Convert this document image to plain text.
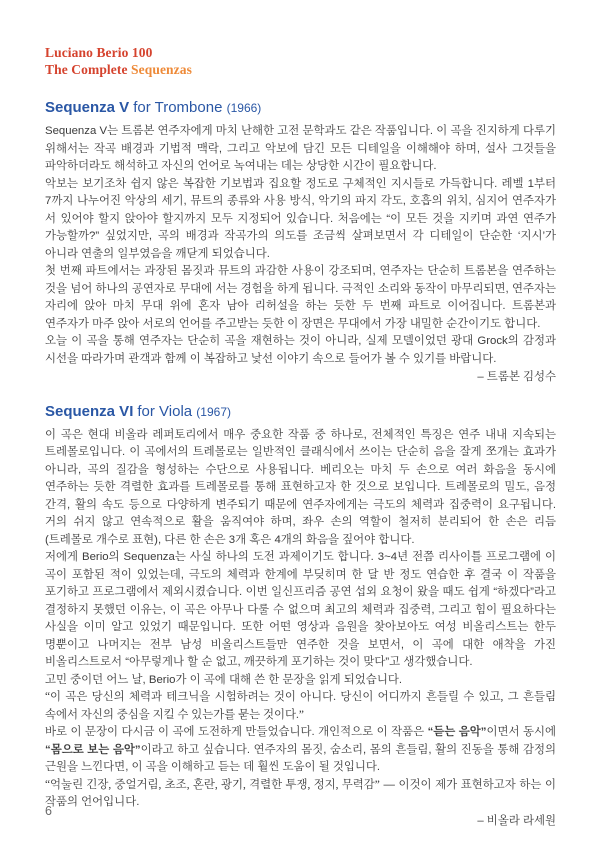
Luciano Berio 100
The Complete Sequenzas
Sequenza V for Trombone (1966)

Sequenza V는 트롬본 연주자에게 마치 난해한 고전 문학과도 같은 작품입니다. 이 곡을 진지하게 다루기 위해서는 작곡 배경과 기법적 맥락, 그리고 악보에 담긴 모든 디테일을 이해해야 하며, 설사 그것들을 파악하더라도 해석하고 자신의 언어로 녹여내는 데는 상당한 시간이 필요합니다.

악보는 보기조차 쉽지 않은 복잡한 기보법과 집요할 정도로 구체적인 지시들로 가득합니다. 레벨 1부터 7까지 나누어진 악상의 세기, 뮤트의 종류와 사용 방식, 악기의 파지 각도, 호흡의 위치, 심지어 연주자가 서 있어야 할지 앉아야 할지까지 모두 지정되어 있습니다. 처음에는 “이 모든 것을 지키며 과연 연주가 가능할까?” 싶었지만, 곡의 배경과 작곡가의 의도를 조금씩 살펴보면서 각 디테일이 단순한 ‘지시’가 아니라 연출의 일부였음을 깨닫게 되었습니다.

첫 번째 파트에서는 과장된 몸짓과 뮤트의 과감한 사용이 강조되며, 연주자는 단순히 트롬본을 연주하는 것을 넘어 하나의 공연자로 무대에 서는 경험을 하게 됩니다. 극적인 소리와 동작이 마무리되면, 연주자는 자리에 앉아 마치 무대 위에 혼자 남아 리허설을 하는 듯한 두 번째 파트로 이어집니다. 트롬본과 연주자가 마주 앉아 서로의 언어를 주고받는 듯한 이 장면은 무대에서 가장 내밀한 순간이기도 합니다.

오늘 이 곡을 통해 연주자는 단순히 곡을 재현하는 것이 아니라, 실제 모델이었던 광대 Grock의 감정과 시선을 따라가며 관객과 함께 이 복잡하고 낯선 이야기 속으로 들어가 볼 수 있기를 바랍니다.

– 트롬본 김성수
Sequenza VI for Viola (1967)

이 곡은 현대 비올라 레퍼토리에서 매우 중요한 작품 중 하나로, 전체적인 특징은 연주 내내 지속되는 트레몰로입니다. 이 곡에서의 트레몰로는 일반적인 클래식에서 쓰이는 단순히 음을 잘게 쪼개는 효과가 아니라, 곡의 질감을 형성하는 수단으로 사용됩니다. 베리오는 마치 두 손으로 여러 화음을 동시에 연주하는 듯한 격렬한 효과를 트레몰로를 통해 표현하고자 한 것으로 보입니다. 트레몰로의 밀도, 음정 간격, 활의 속도 등으로 다양하게 변주되기 때문에 연주자에게는 극도의 체력과 집중력이 요구됩니다. 거의 쉬지 않고 연속적으로 활을 움직여야 하며, 좌우 손의 역할이 철저히 분리되어 한 손은 리듬(트레몰로 개수로 표현), 다른 한 손은 3개 혹은 4개의 화음을 짚어야 합니다.

저에게 Berio의 Sequenza는 사실 하나의 도전 과제이기도 합니다. 3~4년 전쯤 리사이틀 프로그램에 이 곡이 포함된 적이 있었는데, 극도의 체력과 한계에 부딪히며 한 달 반 정도 연습한 후 결국 이 작품을 포기하고 프로그램에서 제외시켰습니다. 이번 일신프리즘 공연 섭외 요청이 왔을 때도 쉽게 “하겠다”라고 결정하지 못했던 이유는, 이 곡은 아무나 다룰 수 없으며 최고의 체력과 집중력, 그리고 힘이 필요하다는 사실을 이미 알고 있었기 때문입니다. 또한 어떤 영상과 음원을 찾아보아도 여성 비올리스트는 한두 명뿐이고 나머지는 전부 남성 비올리스트들만 연주한 것을 보면서, 이 곡에 대한 애착을 가진 비올리스트로서 “아무렇게나 할 순 없고, 깨끗하게 포기하는 것이 맞다”고 생각했습니다.

고민 중이던 어느 날, Berio가 이 곡에 대해 쓴 한 문장을 읽게 되었습니다.

“이 곡은 당신의 체력과 테크닉을 시험하려는 것이 아니다. 당신이 어디까지 흔들릴 수 있고, 그 흔들림 속에서 자신의 중심을 지킬 수 있는가를 묻는 것이다.”

바로 이 문장이 다시금 이 곡에 도전하게 만들었습니다. 개인적으로 이 작품은 “듣는 음악”이면서 동시에 “몸으로 보는 음악”이라고 하고 싶습니다. 연주자의 몸짓, 숨소리, 몸의 흔들림, 활의 진동을 통해 감정의 근원을 느낀다면, 이 곡을 이해하고 듣는 데 훨씬 도움이 될 것입니다.

“억눌린 긴장, 중얼거림, 초조, 혼란, 광기, 격렬한 투쟁, 정지, 무력감” — 이것이 제가 표현하고자 하는 이 작품의 언어입니다.

– 비올라 라세원
6
